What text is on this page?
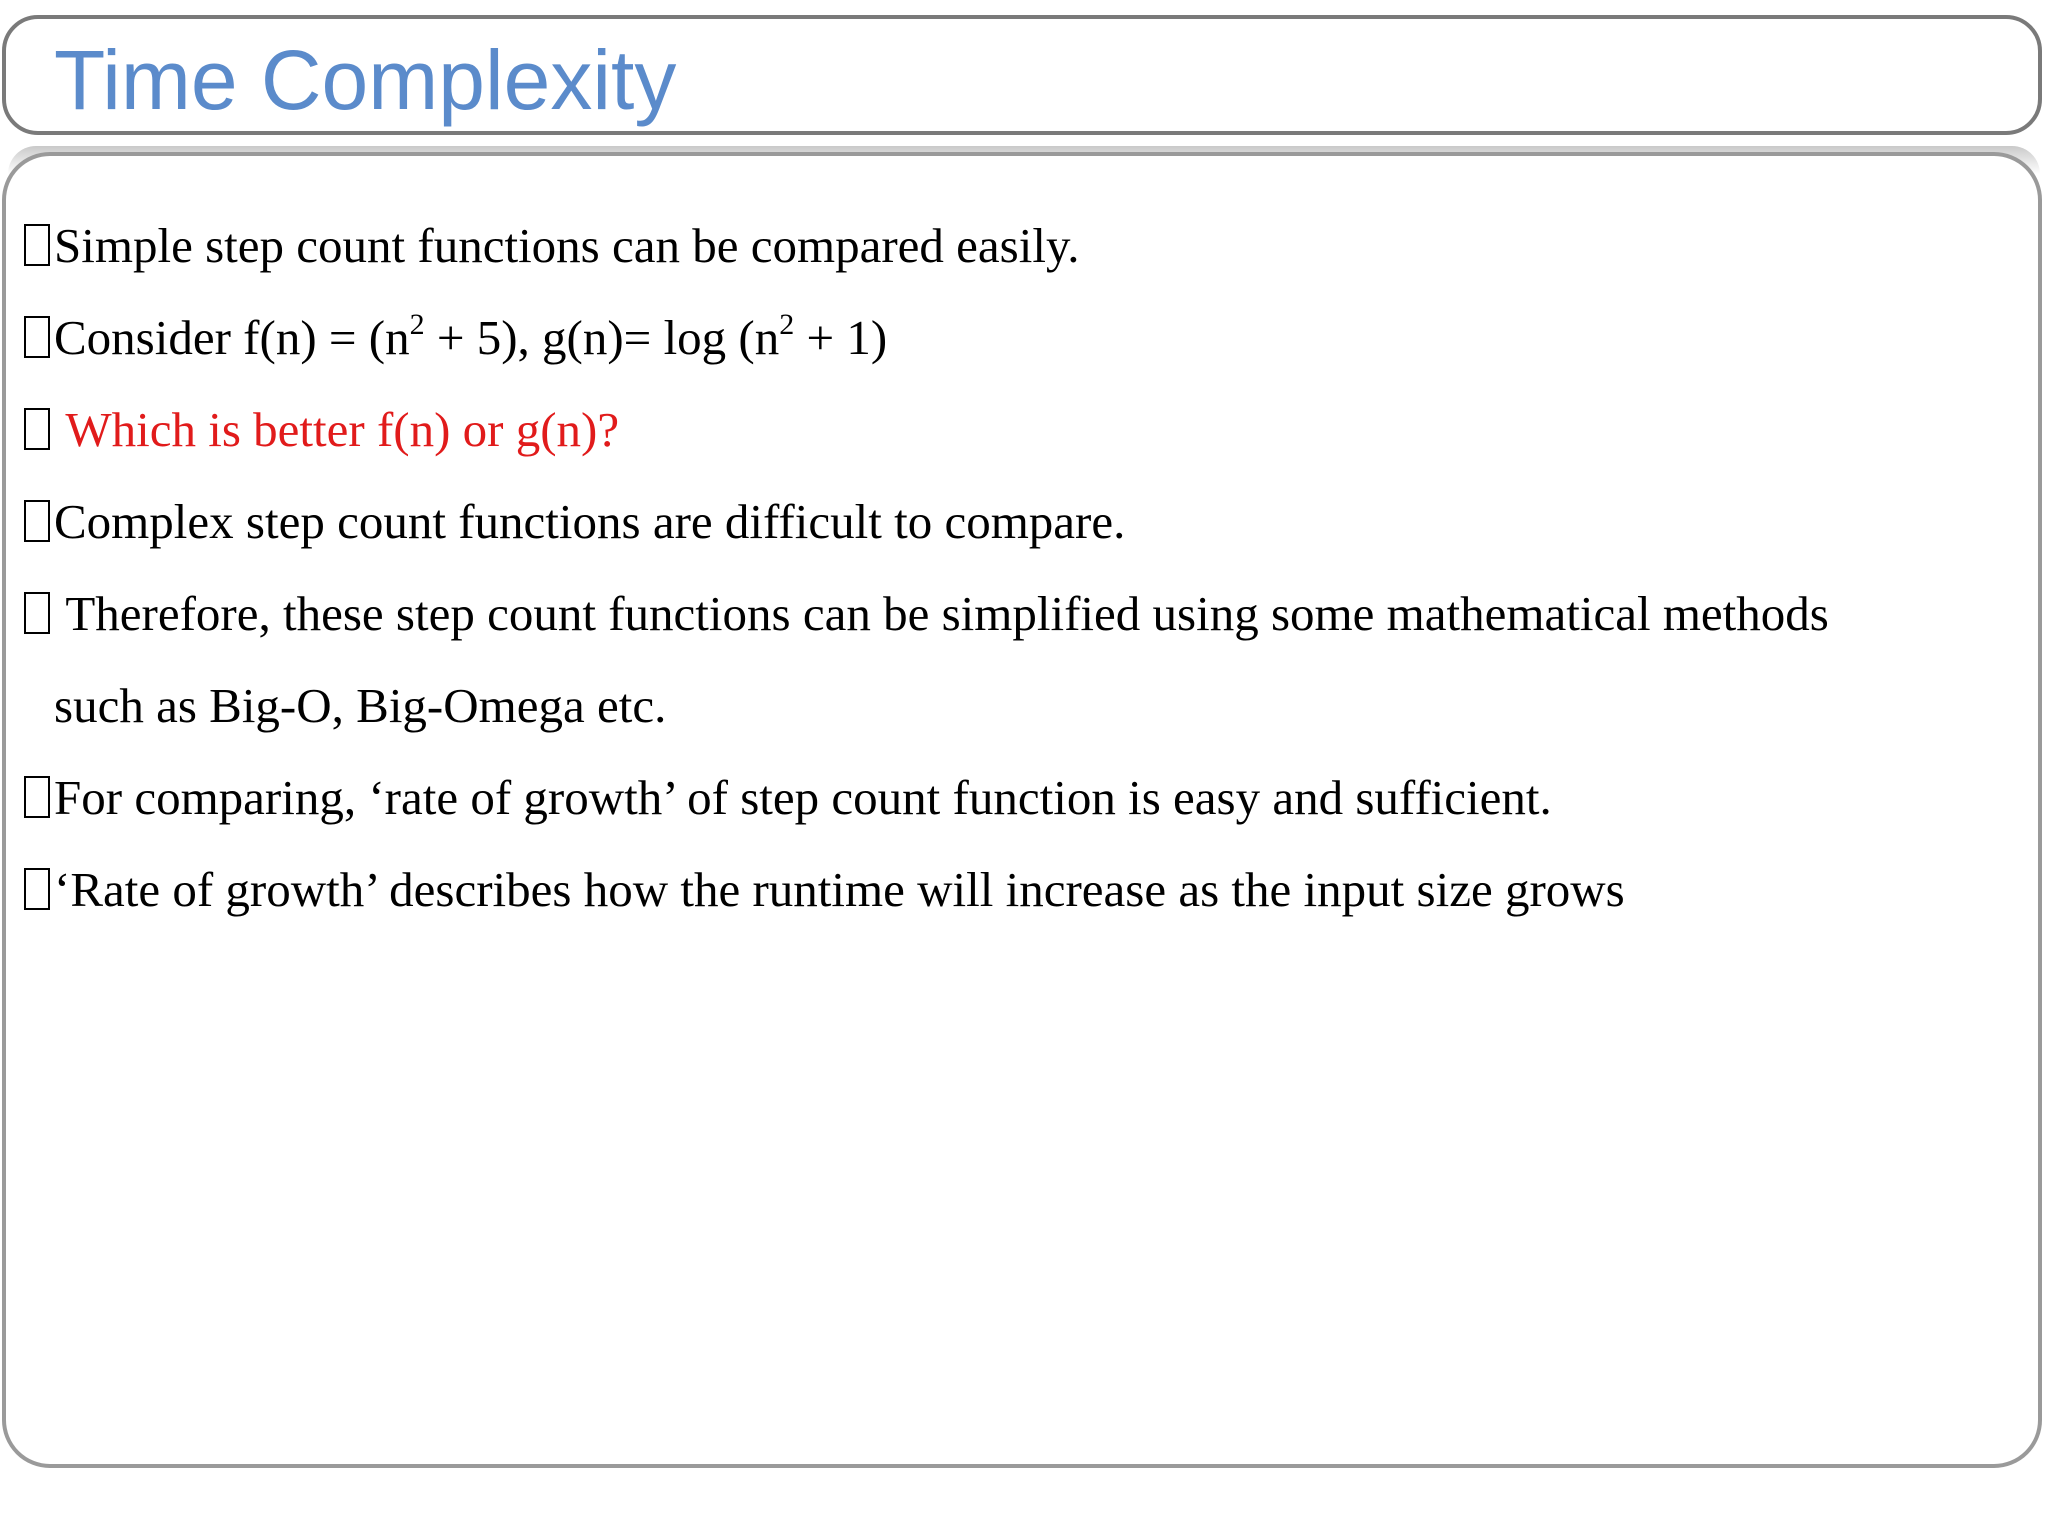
Time Complexity
Simple step count functions can be compared easily.
Consider $f(n) = (n^2 + 5)$, $g(n)= \log (n^2 + 1)$
Which is better f(n) or g(n)?
Complex step count functions are difficult to compare.
Therefore, these step count functions can be simplified using some mathematical methods
such as Big-O, Big-Omega etc.
For comparing, ‘rate of growth’ of step count function is easy and sufficient.
‘Rate of growth’ describes how the runtime will increase as the input size grows
